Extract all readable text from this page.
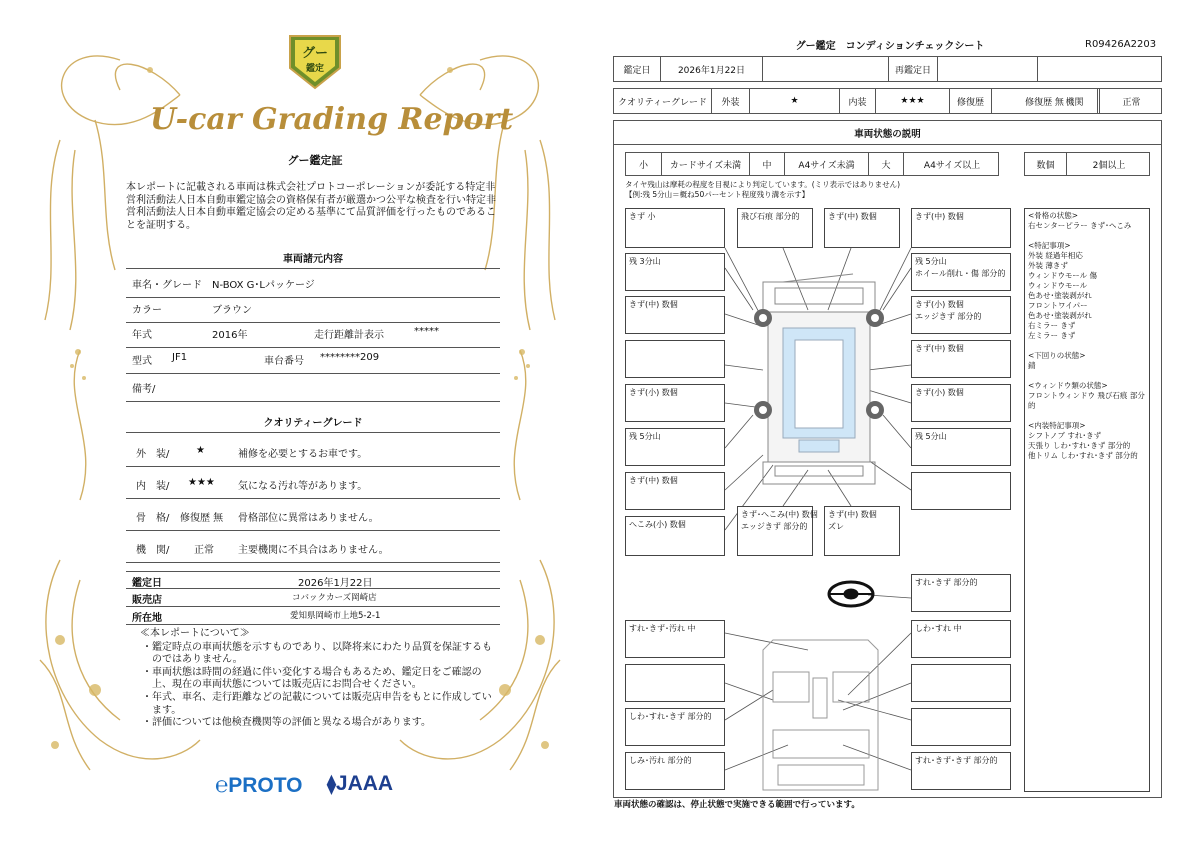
グー
鑑定
U-car Grading Report
グー鑑定証
本レポートに記載される車両は株式会社プロトコーポレーションが委託する特定非営利活動法人日本自動車鑑定協会の資格保有者が厳選かつ公平な検査を行い特定非営利活動法人日本自動車鑑定協会の定める基準にて品質評価を行ったものであることを証明する。
車両諸元内容
車名・グレード N-BOX G･Lパッケージ
カラー	ブラウン
年式	2016年	走行距離計表示	*****
型式 JF1	車台番号 ********209
備考/
クオリティーグレード
外　装/	★	補修を必要とするお車です。
内　装/ ★★★ 気になる汚れ等があります。
骨　格/ 修復歴 無 骨格部位に異常はありません。
機　関/ 正常 主要機関に不具合はありません。
鑑定日	2026年1月22日
販売店	コバックカーズ岡崎店
所在地	愛知県岡崎市上地5-2-1
≪本レポートについて≫
・鑑定時点の車両状態を示すものであり、以降将来にわたり品質を保証するものではありません。
・車両状態は時間の経過に伴い変化する場合もあるため、鑑定日をご確認の上、現在の車両状態については販売店にお問合せください。
・年式、車名、走行距離などの記載については販売店申告をもとに作成しています。
・評価については他検査機関等の評価と異なる場合があります。
℮PROTO ⧫JAAA
グー鑑定　コンディションチェックシート	R09426A2203
鑑定日	2026年1月22日	再鑑定日
クオリティーグレード	外装	★	内装	★★★	修復歴	修復歴 無 機関	正常
車両状態の説明
小	カードサイズ未満	中	A4サイズ未満	大	A4サイズ以上	数個	2個以上
タイヤ残山は摩耗の程度を目視により判定しています。(ミリ表示ではありません)
【例:残 5分山＝概ね50パーセント程度残り溝を示す】
きず 小
残 3分山
きず(中) 数個
きず(小) 数個
残 5分山
きず(中) 数個
へこみ(小) 数個
飛び石痕 部分的	きず(中) 数個	きず(中) 数個
残 5分山
ホイール削れ・傷 部分的
きず(小) 数個
エッジきず 部分的
きず(中) 数個
きず(小) 数個
残 5分山
きず･へこみ(中) 数個
エッジきず 部分的
きず(中) 数個
ズレ
すれ･きず 部分的
すれ･きず･汚れ 中
しわ･すれ･きず 部分的
しみ･汚れ 部分的
しわ･すれ 中
すれ･きず･きず 部分的
<骨格の状態>
右センターピラー きず･へこみ
<特記事項>
外装 経過年相応
外装 薄きず
ウィンドウモール 傷
ウィンドウモール
色あせ･塗装剥がれ
フロントワイパー
色あせ･塗装剥がれ
右ミラー きず
左ミラー きず
<下回りの状態>
錆
<ウィンドウ類の状態>
フロントウィンドウ 飛び石痕 部分的
<内装特記事項>
シフトノブ すれ･きず
天張り しわ･すれ･きず 部分的
他トリム しわ･すれ･きず 部分的
車両状態の確認は、停止状態で実施できる範囲で行っています。
